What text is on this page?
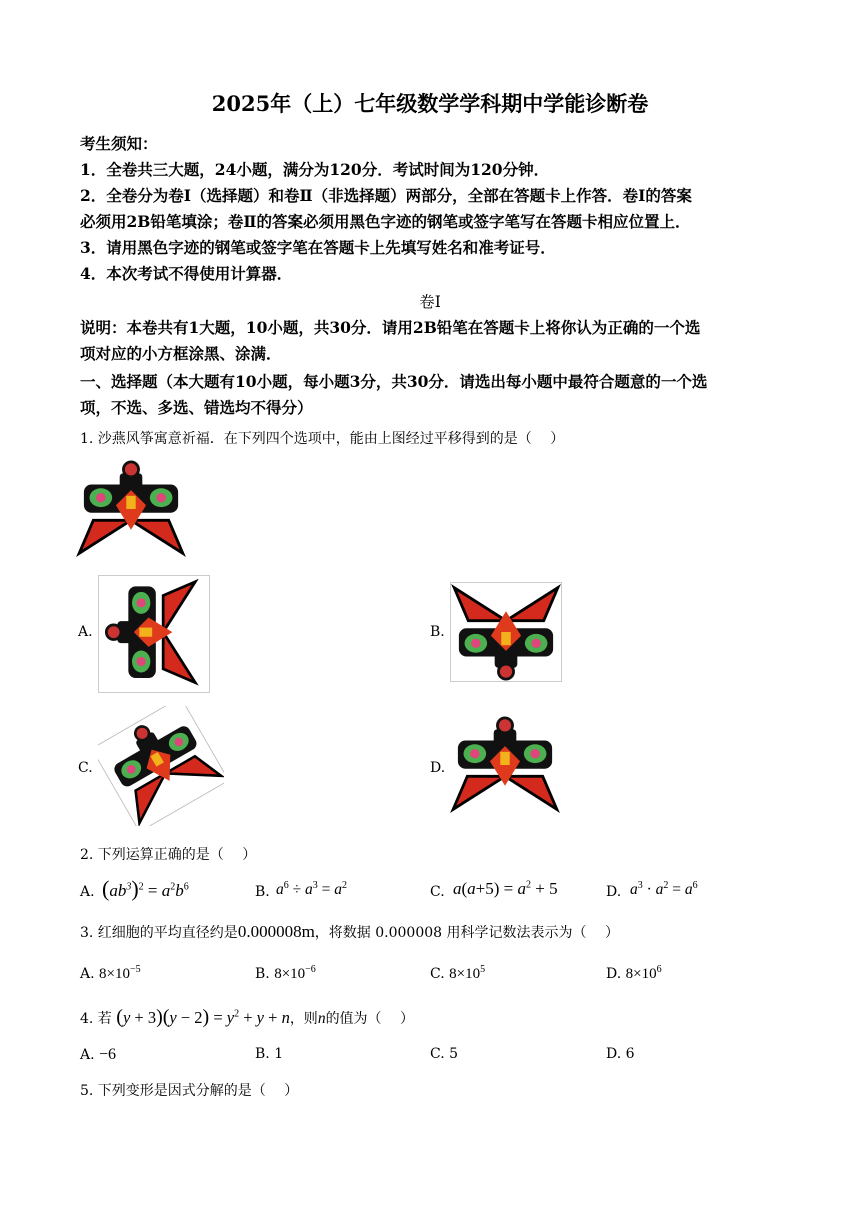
2025年（上）七年级数学学科期中学能诊断卷
考生须知：
1．全卷共三大题，24小题，满分为120分．考试时间为120分钟．
2．全卷分为卷Ⅰ（选择题）和卷Ⅱ（非选择题）两部分，全部在答题卡上作答．卷Ⅰ的答案
必须用2B铅笔填涂；卷Ⅱ的答案必须用黑色字迹的钢笔或签字笔写在答题卡相应位置上．
3．请用黑色字迹的钢笔或签字笔在答题卡上先填写姓名和准考证号．
4．本次考试不得使用计算器．
卷Ⅰ
说明：本卷共有1大题，10小题，共30分．请用2B铅笔在答题卡上将你认为正确的一个选
项对应的小方框涂黑、涂满．
一、选择题（本大题有10小题，每小题3分，共30分．请选出每小题中最符合题意的一个选
项，不选、多选、错选均不得分）
1. 沙燕风筝寓意祈福．在下列四个选项中，能由上图经过平移得到的是（　 ）
A.	B.
C.	D.
2. 下列运算正确的是（　 ）
A. $(ab^3)^2 = a^2b^6$	B. $a^6 \div a^3 = a^2$	C. $a(a+5) = a^2 + 5$	D. $a^3 \cdot a^2 = a^6$
3. 红细胞的平均直径约是0.000008m，将数据 0.000008 用科学记数法表示为（　 ）
A. $8\times 10^{-5}$	B. $8\times 10^{-6}$	C. $8\times 10^5$	D. $8\times 10^6$
4. 若 $(y + 3)(y - 2) = y^2 + y + n$，则n的值为（　 ）
A. −6	B. 1	C. 5	D. 6
5. 下列变形是因式分解的是（　 ）
